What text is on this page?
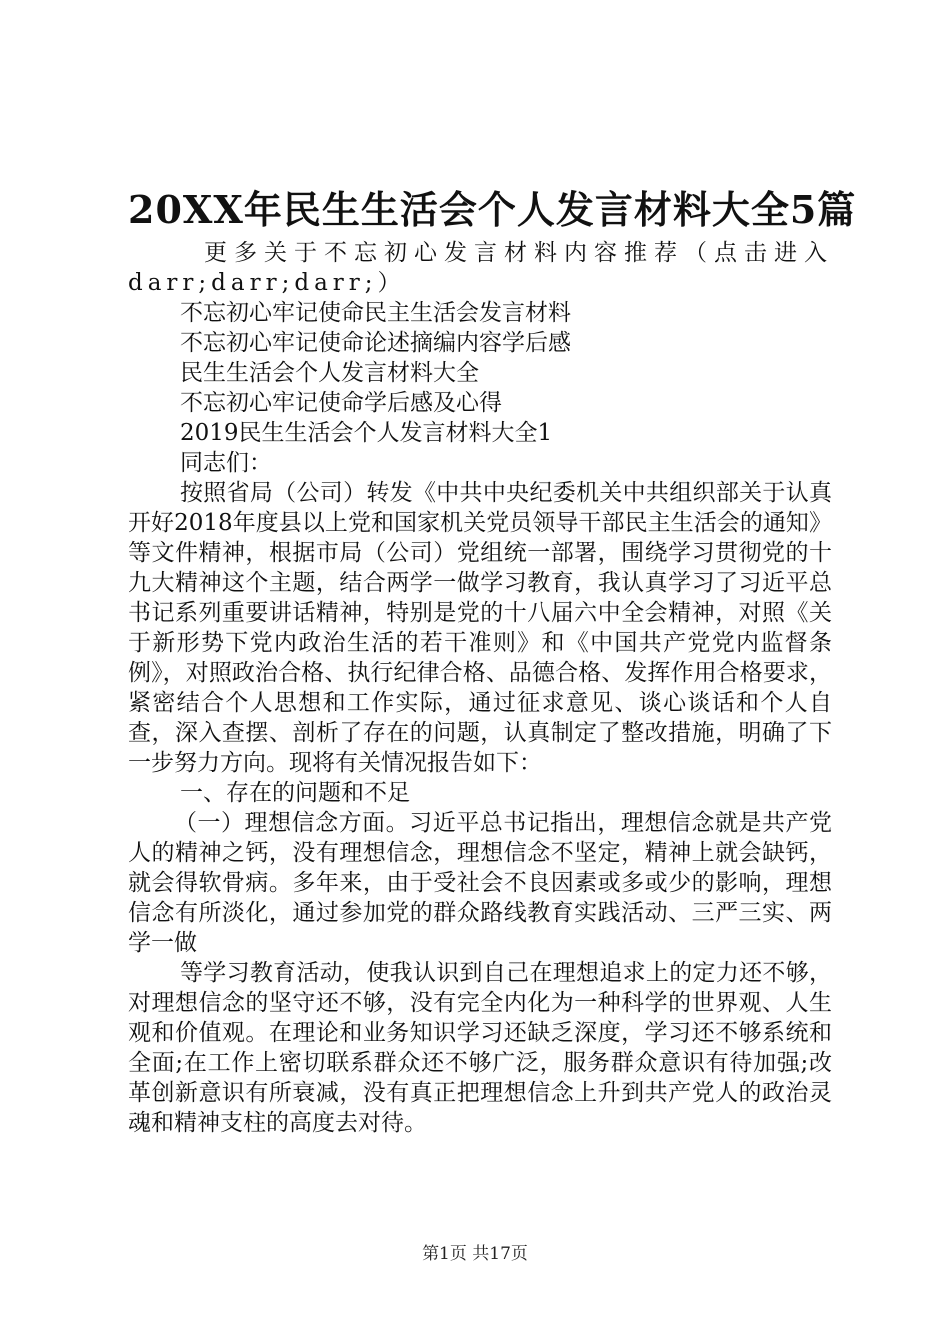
20XX年民生生活会个人发言材料大全5篇

更多关于不忘初心发言材料内容推荐（点击进入darr;darr;darr;）

不忘初心牢记使命民主生活会发言材料

不忘初心牢记使命论述摘编内容学后感

民生生活会个人发言材料大全

不忘初心牢记使命学后感及心得

2019民生生活会个人发言材料大全1

同志们：

按照省局（公司）转发《中共中央纪委机关中共组织部关于认真开好2018年度县以上党和国家机关党员领导干部民主生活会的通知》等文件精神，根据市局（公司）党组统一部署，围绕学习贯彻党的十九大精神这个主题，结合两学一做学习教育，我认真学习了习近平总书记系列重要讲话精神，特别是党的十八届六中全会精神，对照《关于新形势下党内政治生活的若干准则》和《中国共产党党内监督条例》，对照政治合格、执行纪律合格、品德合格、发挥作用合格要求，紧密结合个人思想和工作实际，通过征求意见、谈心谈话和个人自查，深入查摆、剖析了存在的问题，认真制定了整改措施，明确了下一步努力方向。现将有关情况报告如下：

一、存在的问题和不足

（一）理想信念方面。习近平总书记指出，理想信念就是共产党人的精神之钙，没有理想信念，理想信念不坚定，精神上就会缺钙，就会得软骨病。多年来，由于受社会不良因素或多或少的影响，理想信念有所淡化，通过参加党的群众路线教育实践活动、三严三实、两学一做

等学习教育活动，使我认识到自己在理想追求上的定力还不够，对理想信念的坚守还不够，没有完全内化为一种科学的世界观、人生观和价值观。在理论和业务知识学习还缺乏深度，学习还不够系统和全面;在工作上密切联系群众还不够广泛，服务群众意识有待加强;改革创新意识有所衰减，没有真正把理想信念上升到共产党人的政治灵魂和精神支柱的高度去对待。

第1页 共17页
